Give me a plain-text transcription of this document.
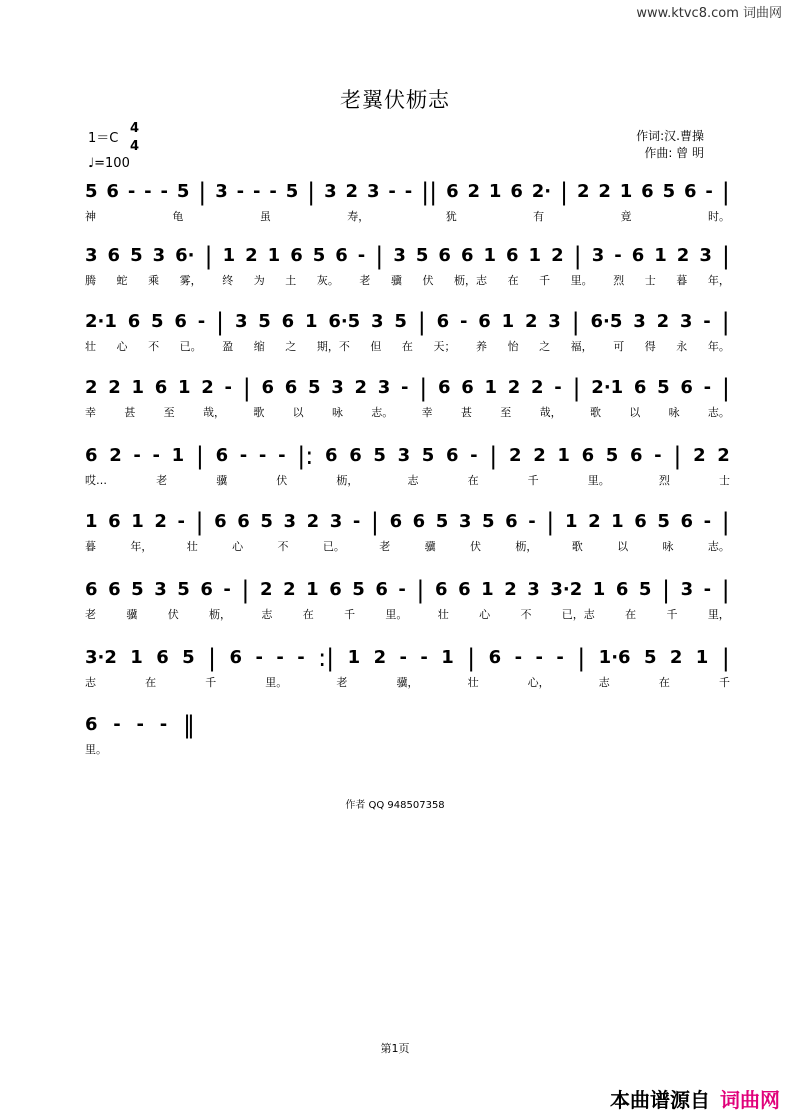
www.ktvc8.com 词曲网
老翼伏枥志
1＝C
4
4
♩=100
作词:汉.曹操
作曲: 曾 明
5 6 - - - 5 | 3 - - - 5 | 3 2 3 - - || 6 2 1 6 2· | 2 2 1 6 5 6 - |
神	龟	虽	寿，	犹	有	竟	时。
3 6 5 3 6· | 1 2 1 6 5 6 - | 3 5 6 6 1 6 1 2 | 3 - 6 1 2 3 |
腾 蛇 乘 雾， 终 为 土 灰。 老 骥 伏 枥，志 在 千 里。 烈 士 暮 年，
2·1 6 5 6 - | 3 5 6 1 6·5 3 5 | 6 - 6 1 2 3 | 6·5 3 2 3 - |
壮 心 不 已。 盈 缩 之 期，不 但 在 天； 养 怡 之 福， 可 得 永 年。
2 2 1 6 1 2 - | 6 6 5 3 2 3 - | 6 6 1 2 2 - | 2·1 6 5 6 - |
幸	甚	至	哉，	歌	以	咏	志。	幸	甚	至	哉，	歌	以	咏	志。
6 2 - - 1 | 6 - - - |: 6 6 5 3 5 6 - | 2 2 1 6 5 6 - | 2 2
哎…	老	骥	伏	枥，	志	在	千	里。	烈	士
1 6 1 2 - | 6 6 5 3 2 3 - | 6 6 5 3 5 6 - | 1 2 1 6 5 6 - |
暮	年，	壮	心	不	已。	老	骥	伏	枥，	歌	以	咏	志。
6 6 5 3 5 6 - | 2 2 1 6 5 6 - | 6 6 1 2 3 3·2 1 6 5 | 3 - |
老	骥	伏	枥，	志	在	千	里。	壮	心	不	已，志	在	千	里，
3·2 1 6 5 | 6 - - - :| 1 2 - - 1 | 6 - - - | 1·6 5 2 1 |
志	在	千	里。	老	骥，	壮	心，	志	在	千
6 - - - ‖
里。
作者 QQ 948507358
第1页
本曲谱源自 词曲网
